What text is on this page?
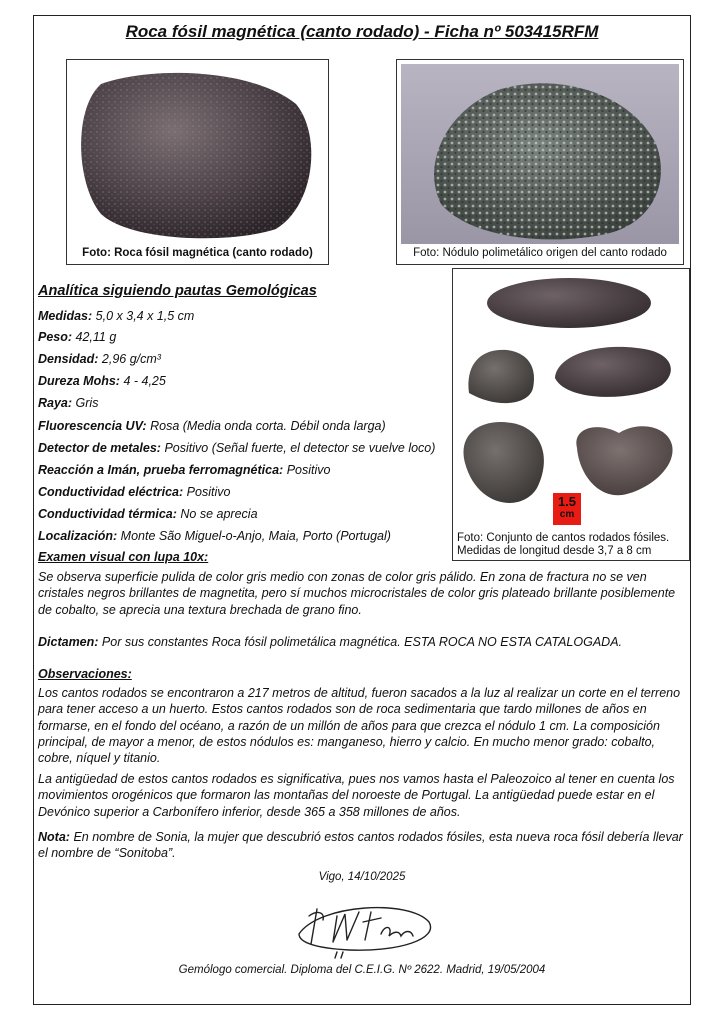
Roca fósil magnética (canto rodado) - Ficha nº 503415RFM
Foto: Roca fósil magnética (canto rodado)	Foto: Nódulo polimetálico origen del canto rodado
1.5
cm
Foto: Conjunto de cantos rodados fósiles.
Medidas de longitud desde 3,7 a 8 cm
Analítica siguiendo pautas Gemológicas
Medidas: 5,0 x 3,4 x 1,5 cm
Peso: 42,11 g
Densidad: 2,96 g/cm³
Dureza Mohs: 4 - 4,25
Raya: Gris
Fluorescencia UV: Rosa (Media onda corta. Débil onda larga)
Detector de metales: Positivo (Señal fuerte, el detector se vuelve loco)
Reacción a Imán, prueba ferromagnética: Positivo
Conductividad eléctrica: Positivo
Conductividad térmica: No se aprecia
Localización: Monte São Miguel-o-Anjo, Maia, Porto (Portugal)
Examen visual con lupa 10x:
Se observa superficie pulida de color gris medio con zonas de color gris pálido. En zona de fractura no se ven cristales negros brillantes de magnetita, pero sí muchos microcristales de color gris plateado brillante posiblemente de cobalto, se aprecia una textura brechada de grano fino.
Dictamen: Por sus constantes Roca fósil polimetálica magnética. ESTA ROCA NO ESTA CATALOGADA.
Observaciones:
Los cantos rodados se encontraron a 217 metros de altitud, fueron sacados a la luz al realizar un corte en el terreno para tener acceso a un huerto. Estos cantos rodados son de roca sedimentaria que tardo millones de años en formarse, en el fondo del océano, a razón de un millón de años para que crezca el nódulo 1 cm. La composición principal, de mayor a menor, de estos nódulos es: manganeso, hierro y calcio. En mucho menor grado: cobalto, cobre, níquel y titanio.
La antigüedad de estos cantos rodados es significativa, pues nos vamos hasta el Paleozoico al tener en cuenta los movimientos orogénicos que formaron las montañas del noroeste de Portugal. La antigüedad puede estar en el Devónico superior a Carbonífero inferior, desde 365 a 358 millones de años.
Nota: En nombre de Sonia, la mujer que descubrió estos cantos rodados fósiles, esta nueva roca fósil debería llevar el nombre de “Sonitoba”.
Vigo, 14/10/2025
Gemólogo comercial. Diploma del C.E.I.G. Nº 2622. Madrid, 19/05/2004
